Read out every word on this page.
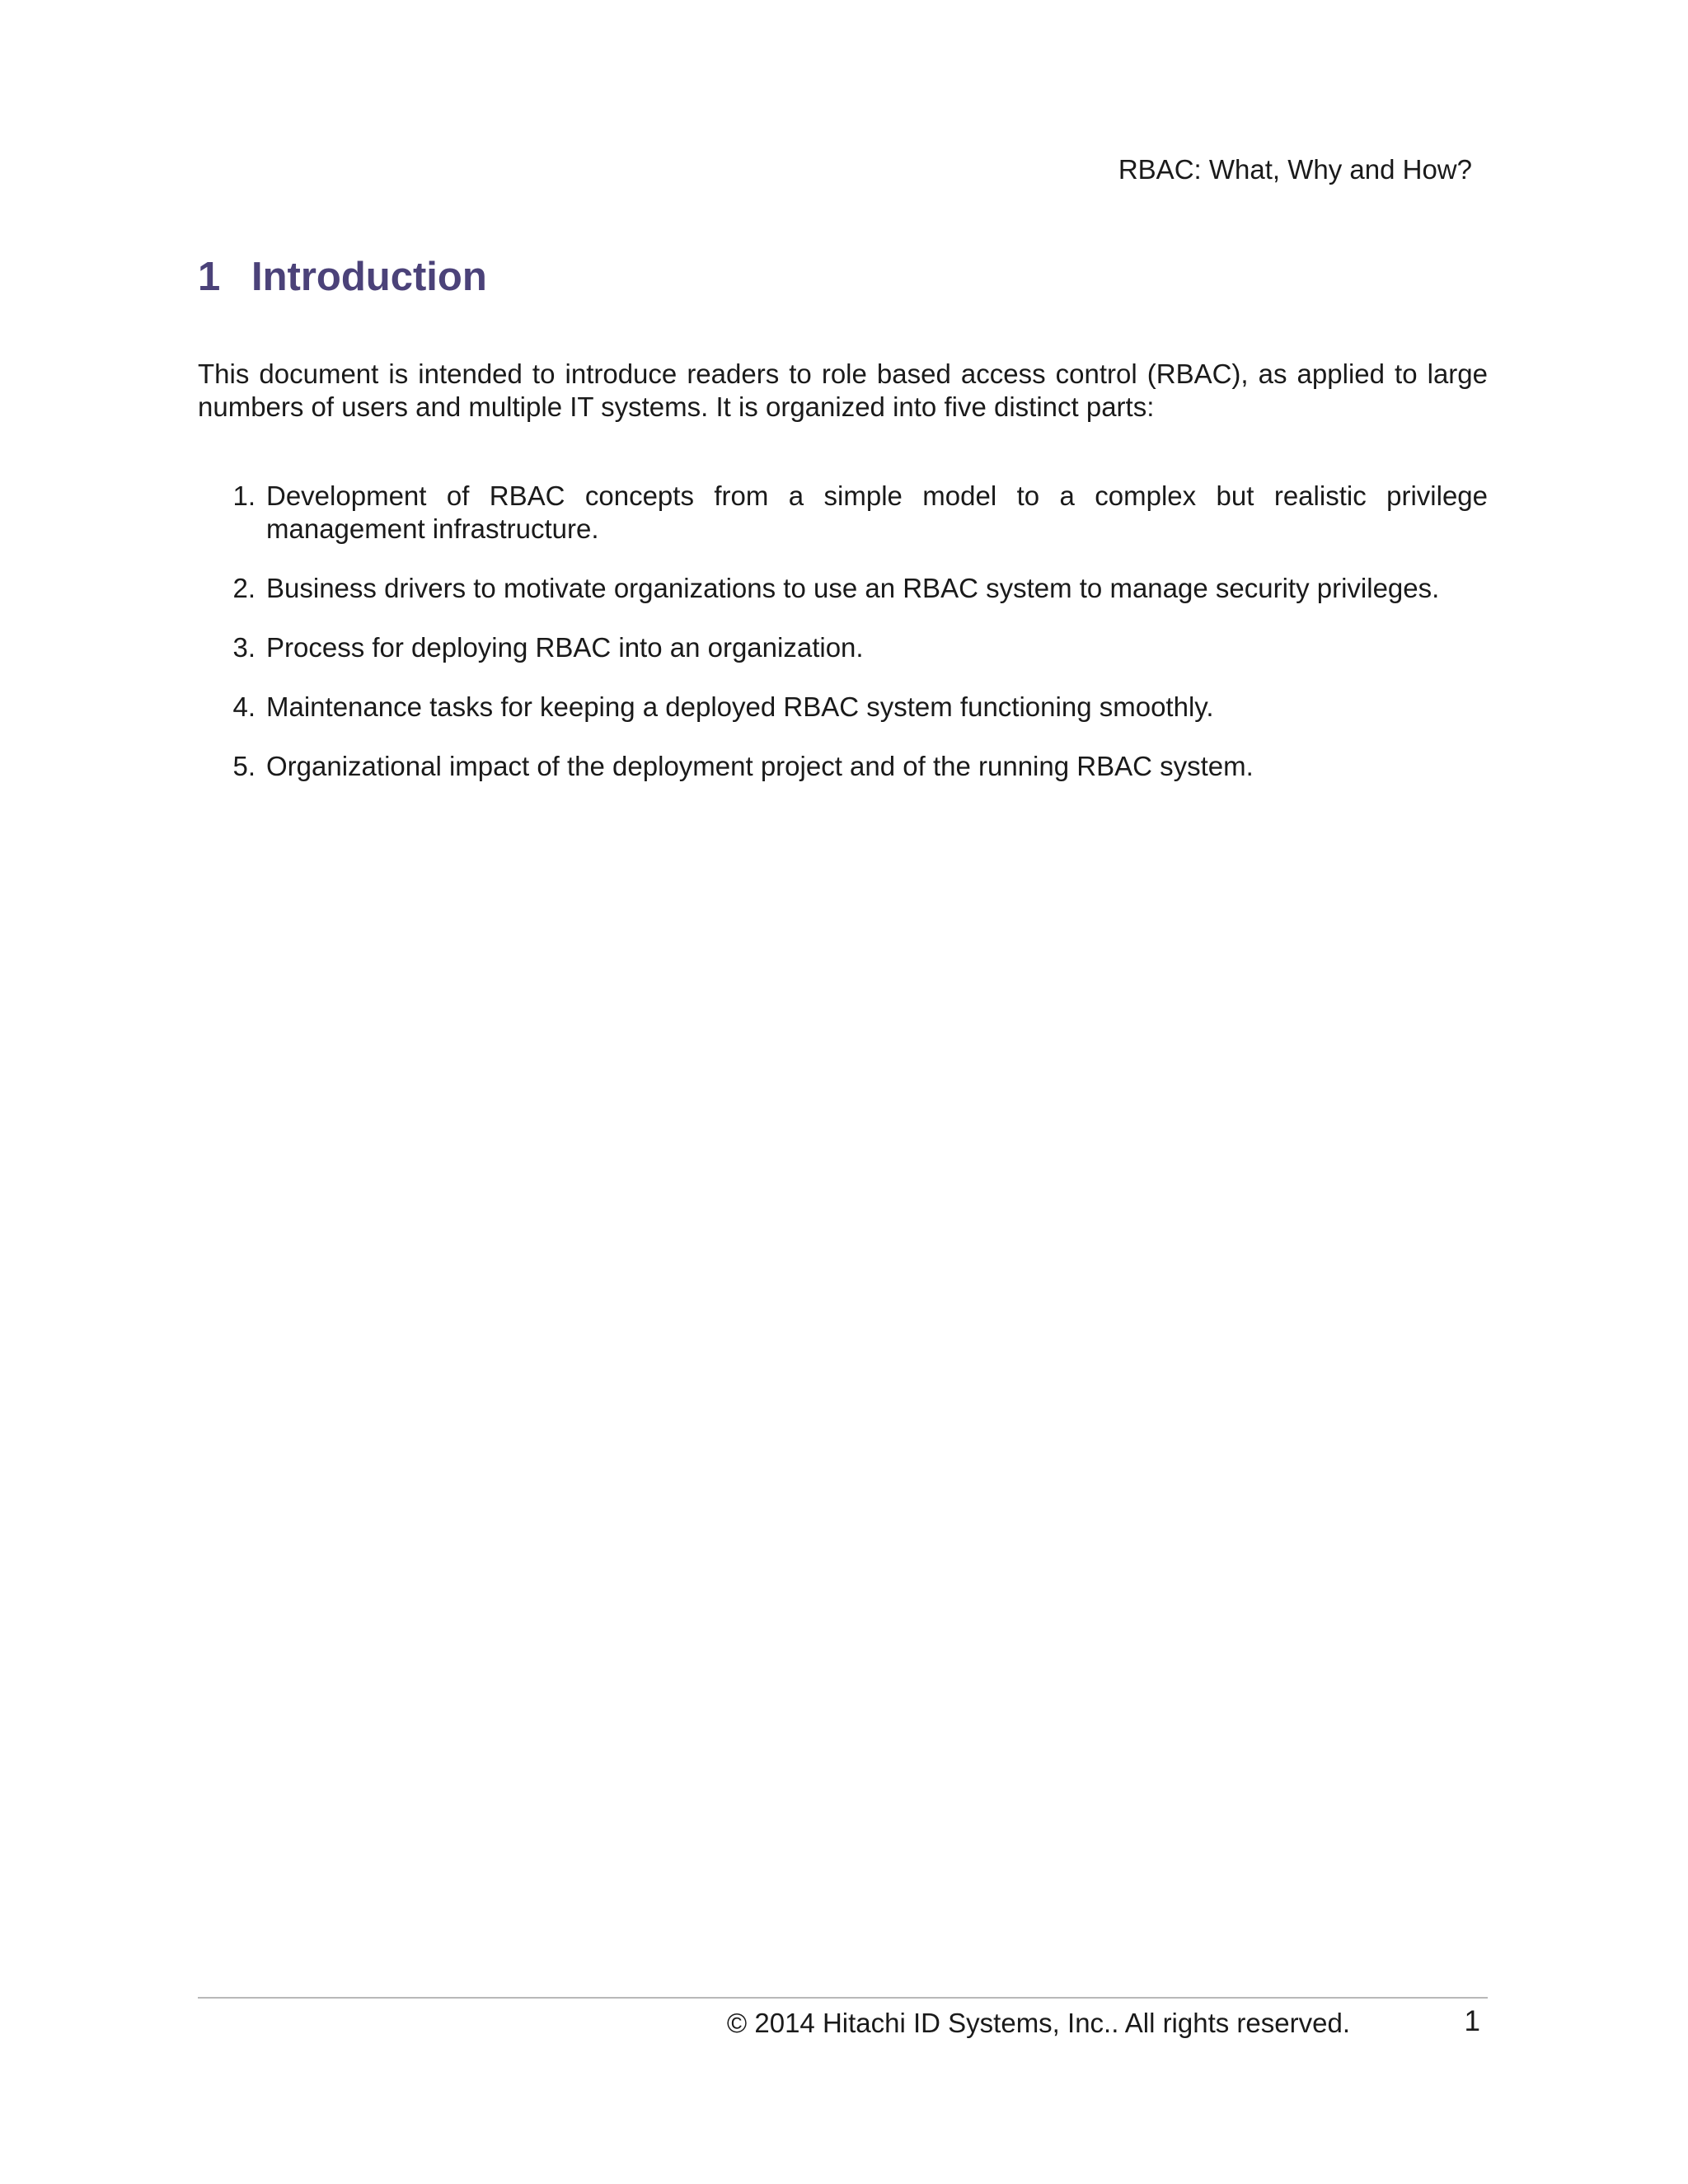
RBAC: What, Why and How?
1 Introduction

This document is intended to introduce readers to role based access control (RBAC), as applied to large numbers of users and multiple IT systems. It is organized into five distinct parts:

1. Development of RBAC concepts from a simple model to a complex but realistic privilege management infrastructure.
2. Business drivers to motivate organizations to use an RBAC system to manage security privileges.
3. Process for deploying RBAC into an organization.
4. Maintenance tasks for keeping a deployed RBAC system functioning smoothly.
5. Organizational impact of the deployment project and of the running RBAC system.
© 2014 Hitachi ID Systems, Inc.. All rights reserved.	1
